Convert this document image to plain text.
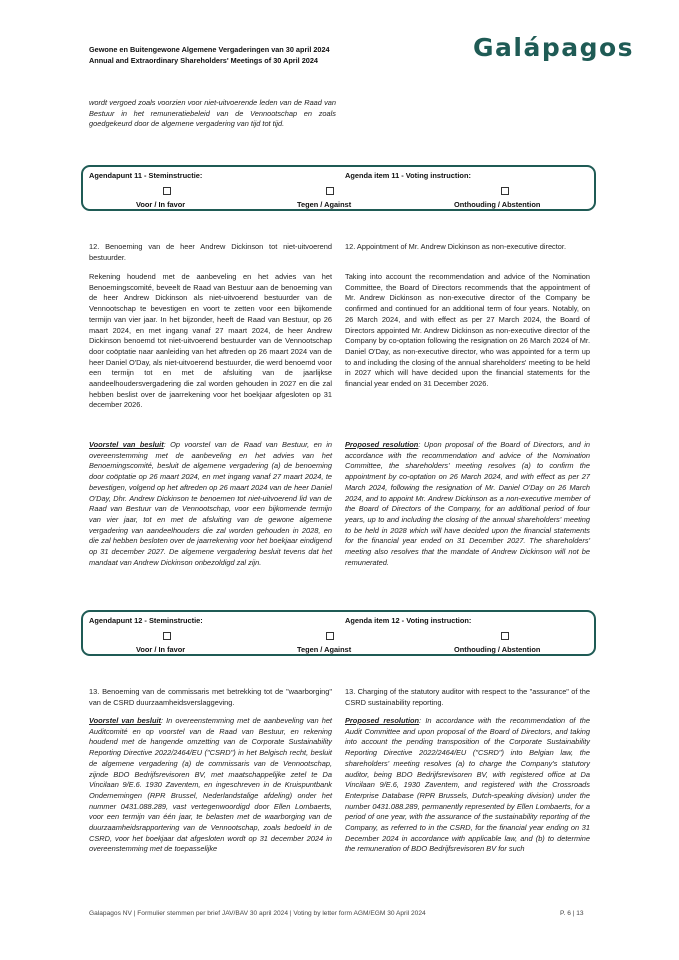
Gewone en Buitengewone Algemene Vergaderingen van 30 april 2024
Annual and Extraordinary Shareholders' Meetings of 30 April 2024	Galápagos

wordt vergoed zoals voorzien voor niet-uitvoerende leden van de Raad van Bestuur in het remuneratiebeleid van de Vennootschap en zoals goedgekeurd door de algemene vergadering van tijd tot tijd.

Agendapunt 11 - Steminstructie:	Agenda item 11 - Voting instruction:
Voor / In favor	Tegen / Against	Onthouding / Abstention

12. Benoeming van de heer Andrew Dickinson tot niet-uitvoerend bestuurder.

Rekening houdend met de aanbeveling en het advies van het Benoemingscomité, beveelt de Raad van Bestuur aan de benoeming van de heer Andrew Dickinson als niet-uitvoerend bestuurder van de Vennootschap te bevestigen en voort te zetten voor een bijkomende termijn van vier jaar. In het bijzonder, heeft de Raad van Bestuur, op 26 maart 2024, en met ingang vanaf 27 maart 2024, de heer Andrew Dickinson benoemd tot niet-uitvoerend bestuurder van de Vennootschap door coöptatie naar aanleiding van het aftreden op 26 maart 2024 van de heer Daniel O'Day, als niet-uitvoerend bestuurder, die werd benoemd voor een termijn tot en met de afsluiting van de jaarlijkse aandeelhoudersvergadering die zal worden gehouden in 2027 en die zal hebben beslist over de jaarrekening voor het boekjaar afgesloten op 31 december 2026.

Voorstel van besluit: Op voorstel van de Raad van Bestuur, en in overeenstemming met de aanbeveling en het advies van het Benoemingscomité, besluit de algemene vergadering (a) de benoeming door coöptatie op 26 maart 2024, en met ingang vanaf 27 maart 2024, te bevestigen, volgend op het aftreden op 26 maart 2024 van de heer Daniel O'Day, Dhr. Andrew Dickinson te benoemen tot niet-uitvoerend lid van de Raad van Bestuur van de Vennootschap, voor een bijkomende termijn van vier jaar, tot en met de afsluiting van de gewone algemene vergadering van aandeelhouders die zal worden gehouden in 2028, en die zal hebben besloten over de jaarrekening voor het boekjaar eindigend op 31 december 2027. De algemene vergadering besluit tevens dat het mandaat van Andrew Dickinson onbezoldigd zal zijn.

12. Appointment of Mr. Andrew Dickinson as non-executive director.

Taking into account the recommendation and advice of the Nomination Committee, the Board of Directors recommends that the appointment of Mr. Andrew Dickinson as non-executive director of the Company be confirmed and continued for an additional term of four years. Notably, on 26 March 2024, and with effect as per 27 March 2024, the Board of Directors appointed Mr. Andrew Dickinson as non-executive director of the Company by co-optation following the resignation on 26 March 2024 of Mr. Daniel O'Day, as non-executive director, who was appointed for a term up to and including the closing of the annual shareholders' meeting to be held in 2027 which will have decided upon the financial statements for the financial year ended on 31 December 2026.

Proposed resolution: Upon proposal of the Board of Directors, and in accordance with the recommendation and advice of the Nomination Committee, the shareholders' meeting resolves (a) to confirm the appointment by co-optation on 26 March 2024, and with effect as per 27 March 2024, following the resignation of Mr. Daniel O'Day on 26 March 2024, and to appoint Mr. Andrew Dickinson as a non-executive member of the Board of Directors of the Company, for an additional period of four years, up to and including the closing of the annual shareholders' meeting to be held in 2028 which will have decided upon the financial statements for the financial year ended on 31 December 2027. The shareholders' meeting also resolves that the mandate of Andrew Dickinson will not be remunerated.

Agendapunt 12 - Steminstructie:	Agenda item 12 - Voting instruction:
Voor / In favor	Tegen / Against	Onthouding / Abstention

13. Benoeming van de commissaris met betrekking tot de "waarborging" van de CSRD duurzaamheidsverslaggeving.

Voorstel van besluit: In overeenstemming met de aanbeveling van het Auditcomité en op voorstel van de Raad van Bestuur, en rekening houdend met de hangende omzetting van de Corporate Sustainability Reporting Directive 2022/2464/EU ("CSRD") in het Belgisch recht, besluit de algemene vergadering (a) de commissaris van de Vennootschap, zijnde BDO Bedrijfsrevisoren BV, met maatschappelijke zetel te Da Vincilaan 9/E.6. 1930 Zaventem, en ingeschreven in de Kruispuntbank Ondernemingen (RPR Brussel, Nederlandstalige afdeling) onder het nummer 0431.088.289, vast vertegenwoordigd door Ellen Lombaerts, voor een termijn van één jaar, te belasten met de waarborging van de duurzaamheidsrapportering van de Vennootschap, zoals bedoeld in de CSRD, voor het boekjaar dat afgesloten wordt op 31 december 2024 in overeenstemming met de toepasselijke

13. Charging of the statutory auditor with respect to the "assurance" of the CSRD sustainability reporting.

Proposed resolution: In accordance with the recommendation of the Audit Committee and upon proposal of the Board of Directors, and taking into account the pending transposition of the Corporate Sustainability Reporting Directive 2022/2464/EU ("CSRD") into Belgian law, the shareholders' meeting resolves (a) to charge the Company's statutory auditor, being BDO Bedrijfsrevisoren BV, with registered office at Da Vincilaan 9/E.6, 1930 Zaventem, and registered with the Crossroads Enterprise Database (RPR Brussels, Dutch-speaking division) under the number 0431.088.289, permanently represented by Ellen Lombaerts, for a period of one year, with the assurance of the sustainability reporting of the Company, as referred to in the CSRD, for the financial year ending on 31 December 2024 in accordance with applicable law, and (b) to determine the remuneration of BDO Bedrijfsrevisoren BV for such

Galapagos NV | Formulier stemmen per brief JAV/BAV 30 april 2024 | Voting by letter form AGM/EGM 30 April 2024	P. 6 | 13
